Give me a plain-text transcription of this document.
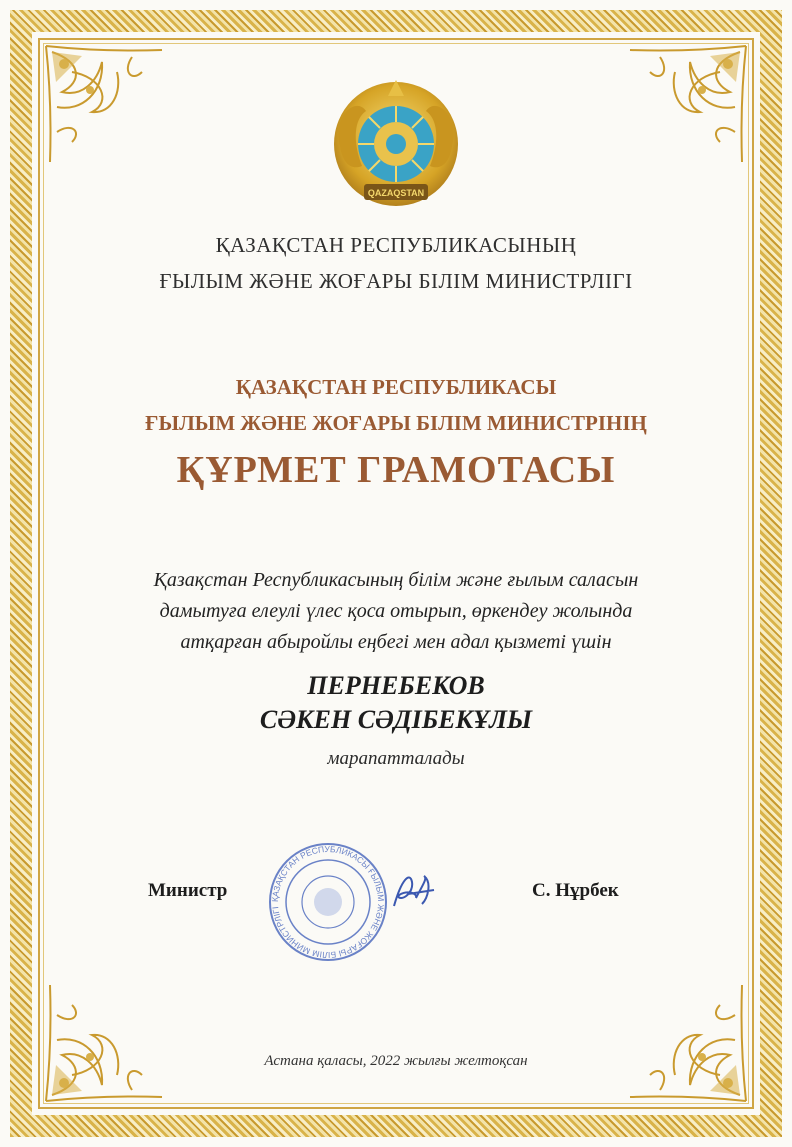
QAZAQSTAN
ҚАЗАҚСТАН РЕСПУБЛИКАСЫНЫҢ
ҒЫЛЫМ ЖӘНЕ ЖОҒАРЫ БІЛІМ МИНИСТРЛІГІ
ҚАЗАҚСТАН РЕСПУБЛИКАСЫ
ҒЫЛЫМ ЖӘНЕ ЖОҒАРЫ БІЛІМ МИНИСТРІНІҢ
ҚҰРМЕТ ГРАМОТАСЫ
Қазақстан Республикасының білім және ғылым саласын
дамытуға елеулі үлес қоса отырып, өркендеу жолында
атқарған абыройлы еңбегі мен адал қызметі үшін
ПЕРНЕБЕКОВ
СӘКЕН СӘДІБЕКҰЛЫ
марапатталады
Министр	ҚАЗАҚСТАН РЕСПУБЛИКАСЫ ҒЫЛЫМ ЖӘНЕ ЖОҒАРЫ БІЛІМ МИНИСТРЛІГІ
С. Нұрбек
Астана қаласы, 2022 жылғы желтоқсан
